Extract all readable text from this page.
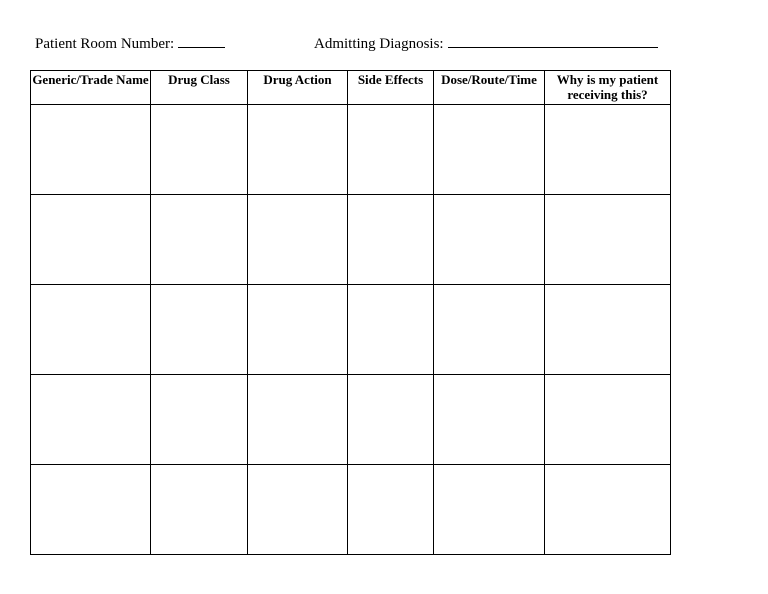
Patient Room Number:	Admitting Diagnosis:
Generic/Trade Name	Drug Class	Drug Action	Side Effects	Dose/Route/Time	Why is my patient receiving this?
